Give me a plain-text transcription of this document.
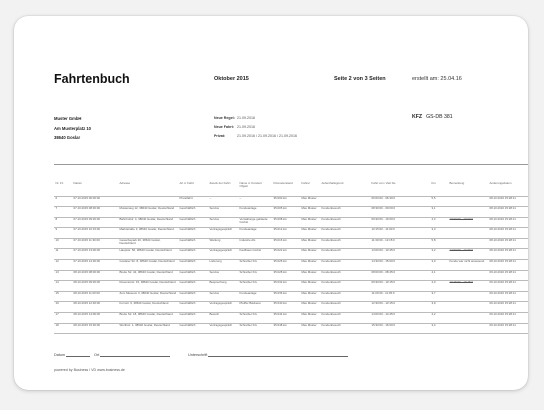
Fahrtenbuch	Oktober 2015	Seite 2 von 3 Seiten	erstellt am: 25.04.16
Muster GmbH
Am Musterplatz 10
38640 Goslar
Neue Regel: 21.09.2016
Neue Fahrt: 21.09.2016
Privat:	21.09.2016 / 21.09.2016 / 21.09.2016
KFZ GS-DB 381
Nr. Fz.	Datum	Adresse	Art d. Fahrt	Zweck der Fahrt	Name d. Kunden/ Objekt	Kilometerstand	Fahrer	Aufenthaltsgrund	Fahrt von / Zeit bis	Km	Bemerkung	Änderungsdatum
6	07.10.2015 06:00:00		Privatfahrt	–	–	35.000 km	Max Muster		06:00:00 - 06:30:0	5,5		08.10.2016 15:28:11
7	07.10.2015 08:30:00	Musterweg 12, 38640 Goslar, Deutschland	Geschäftlich	Service	Kundeanlage	35.005 km	Max Muster	Kundenbesuch	08:30:00 - 09:00:0	3,1		08.10.2016 15:28:11
8	07.10.2015 09:30:00	Bahnhofstr. 4, 38640 Goslar, Deutschland	Geschäftlich	Service	Verwaltungs-gebäude GmbH	35.008 km	Max Muster	Kundenbesuch	09:30:00 - 10:00:0	4,3	10:00:00 - 10:00:0	08.10.2016 15:28:11
9	07.10.2015 10:15:00	Marktstraße 3, 38640 Goslar, Deutschland	Geschäftlich	Vertragsgespräch	Kundeanlage	35.012 km	Max Muster	Kundenbesuch	10:15:00 - 11:00:0	3,3		08.10.2016 15:28:11
10	07.10.2015 11:30:00	Gewerbepark 20, 38644 Goslar, Deutschland	Geschäftlich	Wartung	Industrie AG	35.016 km	Max Muster	Kundenbesuch	11:30:00 - 12:15:0	5,8		08.10.2016 15:28:11
11	07.10.2015 13:00:00	Hauptstr. 56, 38640 Goslar, Deutschland	Geschäftlich	Vertragsgespräch	Kaufhaus GmbH	35.022 km	Max Muster	Kundenbesuch	13:00:00 - 13:45:0	3,2	14:00:00 - 14:30:0	08.10.2016 15:28:11
12	07.10.2015 14:30:00	Goslarer Str. 8, 38640 Goslar, Deutschland	Geschäftlich	Lieferung	Schreiber KG	35.025 km	Max Muster	Kundenbesuch	14:30:00 - 15:00:0	3,0	Kunde war nicht anwesend	08.10.2016 15:28:11
13	08.10.2015 08:00:00	Breite Str. 42, 38640 Goslar, Deutschland	Geschäftlich	Service	Schreiber KG	35.028 km	Max Muster	Kundenbesuch	08:00:00 - 08:45:0	4,1		09.10.2016 15:28:11
14	08.10.2015 09:30:00	Rosentorstr. 15, 38640 Goslar, Deutschland	Geschäftlich	Besprechung	Schreiber KG	35.032 km	Max Muster	Kundenbesuch	09:30:00 - 10:15:0	4,0	10:15:00 - 10:45:0	09.10.2016 15:28:11
15	08.10.2015 11:00:00	Zum Museum 3, 38640 Goslar, Deutschland	Geschäftlich	Service	Kundeanlage	35.036 km	Max Muster	Kundenbesuch	11:00:00 - 11:45:0	3,7		09.10.2016 15:28:11
16	08.10.2015 12:30:00	Kornstr. 9, 38640 Goslar, Deutschland	Geschäftlich	Vertragsgespräch	Pfeiffer Bäckerei	35.040 km	Max Muster	Kundenbesuch	12:30:00 - 13:15:0	3,9		09.10.2016 15:28:11
17	08.10.2015 14:00:00	Breite Str. 18, 38640 Goslar, Deutschland	Geschäftlich	Besuch	Schreiber KG	35.044 km	Max Muster	Kundenbesuch	14:00:00 - 14:45:0	4,2		09.10.2016 15:28:11
18	08.10.2015 15:30:00	Worthstr. 1, 38640 Goslar, Deutschland	Geschäftlich	Vertragsgespräch	Schreiber KG	35.048 km	Max Muster	Kundenbesuch	15:30:00 - 16:00:0	3,4		09.10.2016 15:28:11
Datum	Ort	Unterschrift
powered by Business / VD www.business.de
